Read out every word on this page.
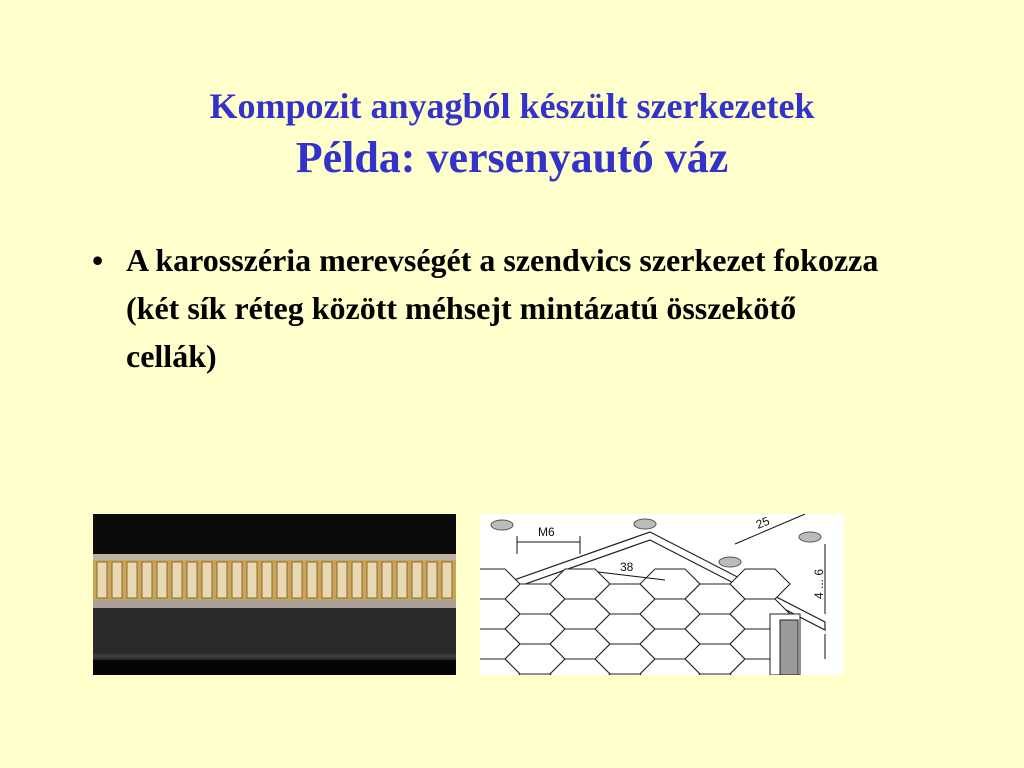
Kompozit anyagból készült szerkezetek
Példa: versenyautó váz
• A karosszéria merevségét a szendvics szerkezet fokozza (két sík réteg között méhsejt mintázatú összekötő cellák)
M6
38
25
4 ... 6
